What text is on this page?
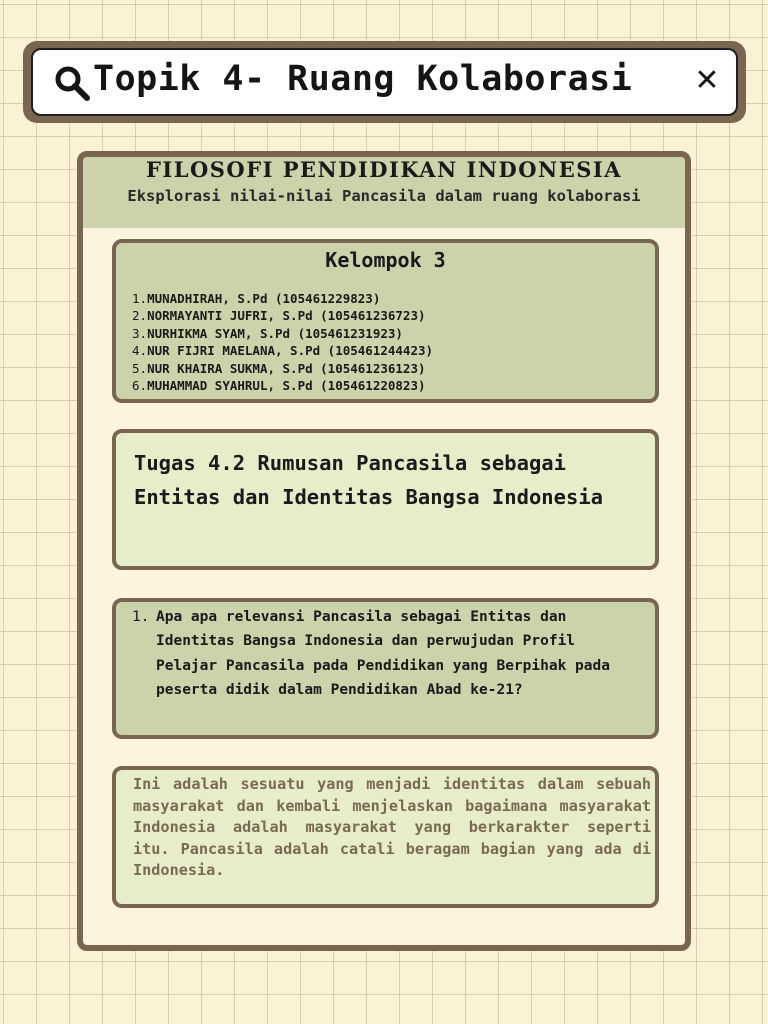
Topik 4- Ruang Kolaborasi ✕
FILOSOFI PENDIDIKAN INDONESIA
Eksplorasi nilai-nilai Pancasila dalam ruang kolaborasi
Kelompok 3
1.MUNADHIRAH, S.Pd (105461229823)
2.NORMAYANTI JUFRI, S.Pd (105461236723)
3.NURHIKMA SYAM, S.Pd (105461231923)
4.NUR FIJRI MAELANA, S.Pd (105461244423)
5.NUR KHAIRA SUKMA, S.Pd (105461236123)
6.MUHAMMAD SYAHRUL, S.Pd (105461220823)
Tugas 4.2 Rumusan Pancasila sebagai Entitas dan Identitas Bangsa Indonesia
1. Apa apa relevansi Pancasila sebagai Entitas dan Identitas Bangsa Indonesia dan perwujudan Profil Pelajar Pancasila pada Pendidikan yang Berpihak pada peserta didik dalam Pendidikan Abad ke-21?
Ini adalah sesuatu yang menjadi identitas dalam sebuah masyarakat dan kembali menjelaskan bagaimana masyarakat Indonesia adalah masyarakat yang berkarakter seperti itu. Pancasila adalah catali beragam bagian yang ada di Indonesia.
